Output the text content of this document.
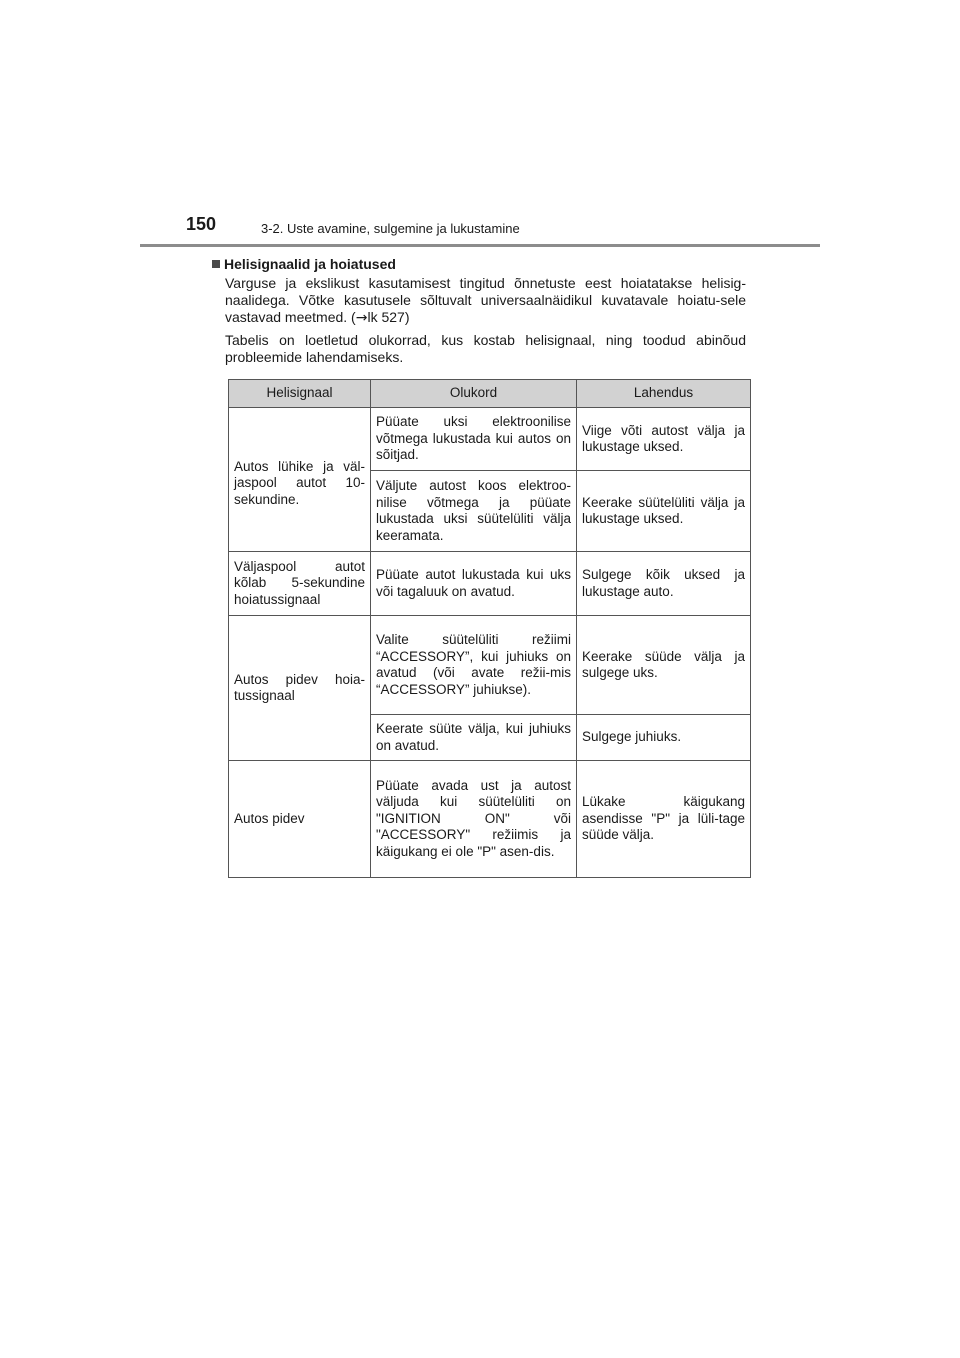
150	3-2. Uste avamine, sulgemine ja lukustamine

Helisignaalid ja hoiatused

Varguse ja ekslikust kasutamisest tingitud õnnetuste eest hoiatatakse helisig-naalidega. Võtke kasutusele sõltuvalt universaalnäidikul kuvatavale hoiatu-sele vastavad meetmed. (→lk 527)

Tabelis on loetletud olukorrad, kus kostab helisignaal, ning toodud abinõud probleemide lahendamiseks.

Helisignaal	Olukord	Lahendus
Autos lühike ja väl-jaspool autot 10-sekundine.	Püüate uksi elektroonilise võtmega lukustada kui autos on sõitjad.	Viige võti autost välja ja lukustage uksed.
	Väljute autost koos elektroo-nilise võtmega ja püüate lukustada uksi süütelüliti välja keeramata.	Keerake süütelüliti välja ja lukustage uksed.
Väljaspool autot kõlab 5-sekundine hoiatussignaal	Püüate autot lukustada kui uks või tagaluuk on avatud.	Sulgege kõik uksed ja lukustage auto.
Autos pidev hoia-tussignaal	Valite süütelüliti režiimi “ACCESSORY”, kui juhiuks on avatud (või avate režii-mis “ACCESSORY” juhiukse).	Keerake süüde välja ja sulgege uks.
	Keerate süüte välja, kui juhiuks on avatud.	Sulgege juhiuks.
Autos pidev	Püüate avada ust ja autost väljuda kui süütelüliti on "IGNITION ON" või "ACCESSORY" režiimis ja käigukang ei ole "P" asen-dis.	Lükake käigukang asendisse "P" ja lüli-tage süüde välja.
